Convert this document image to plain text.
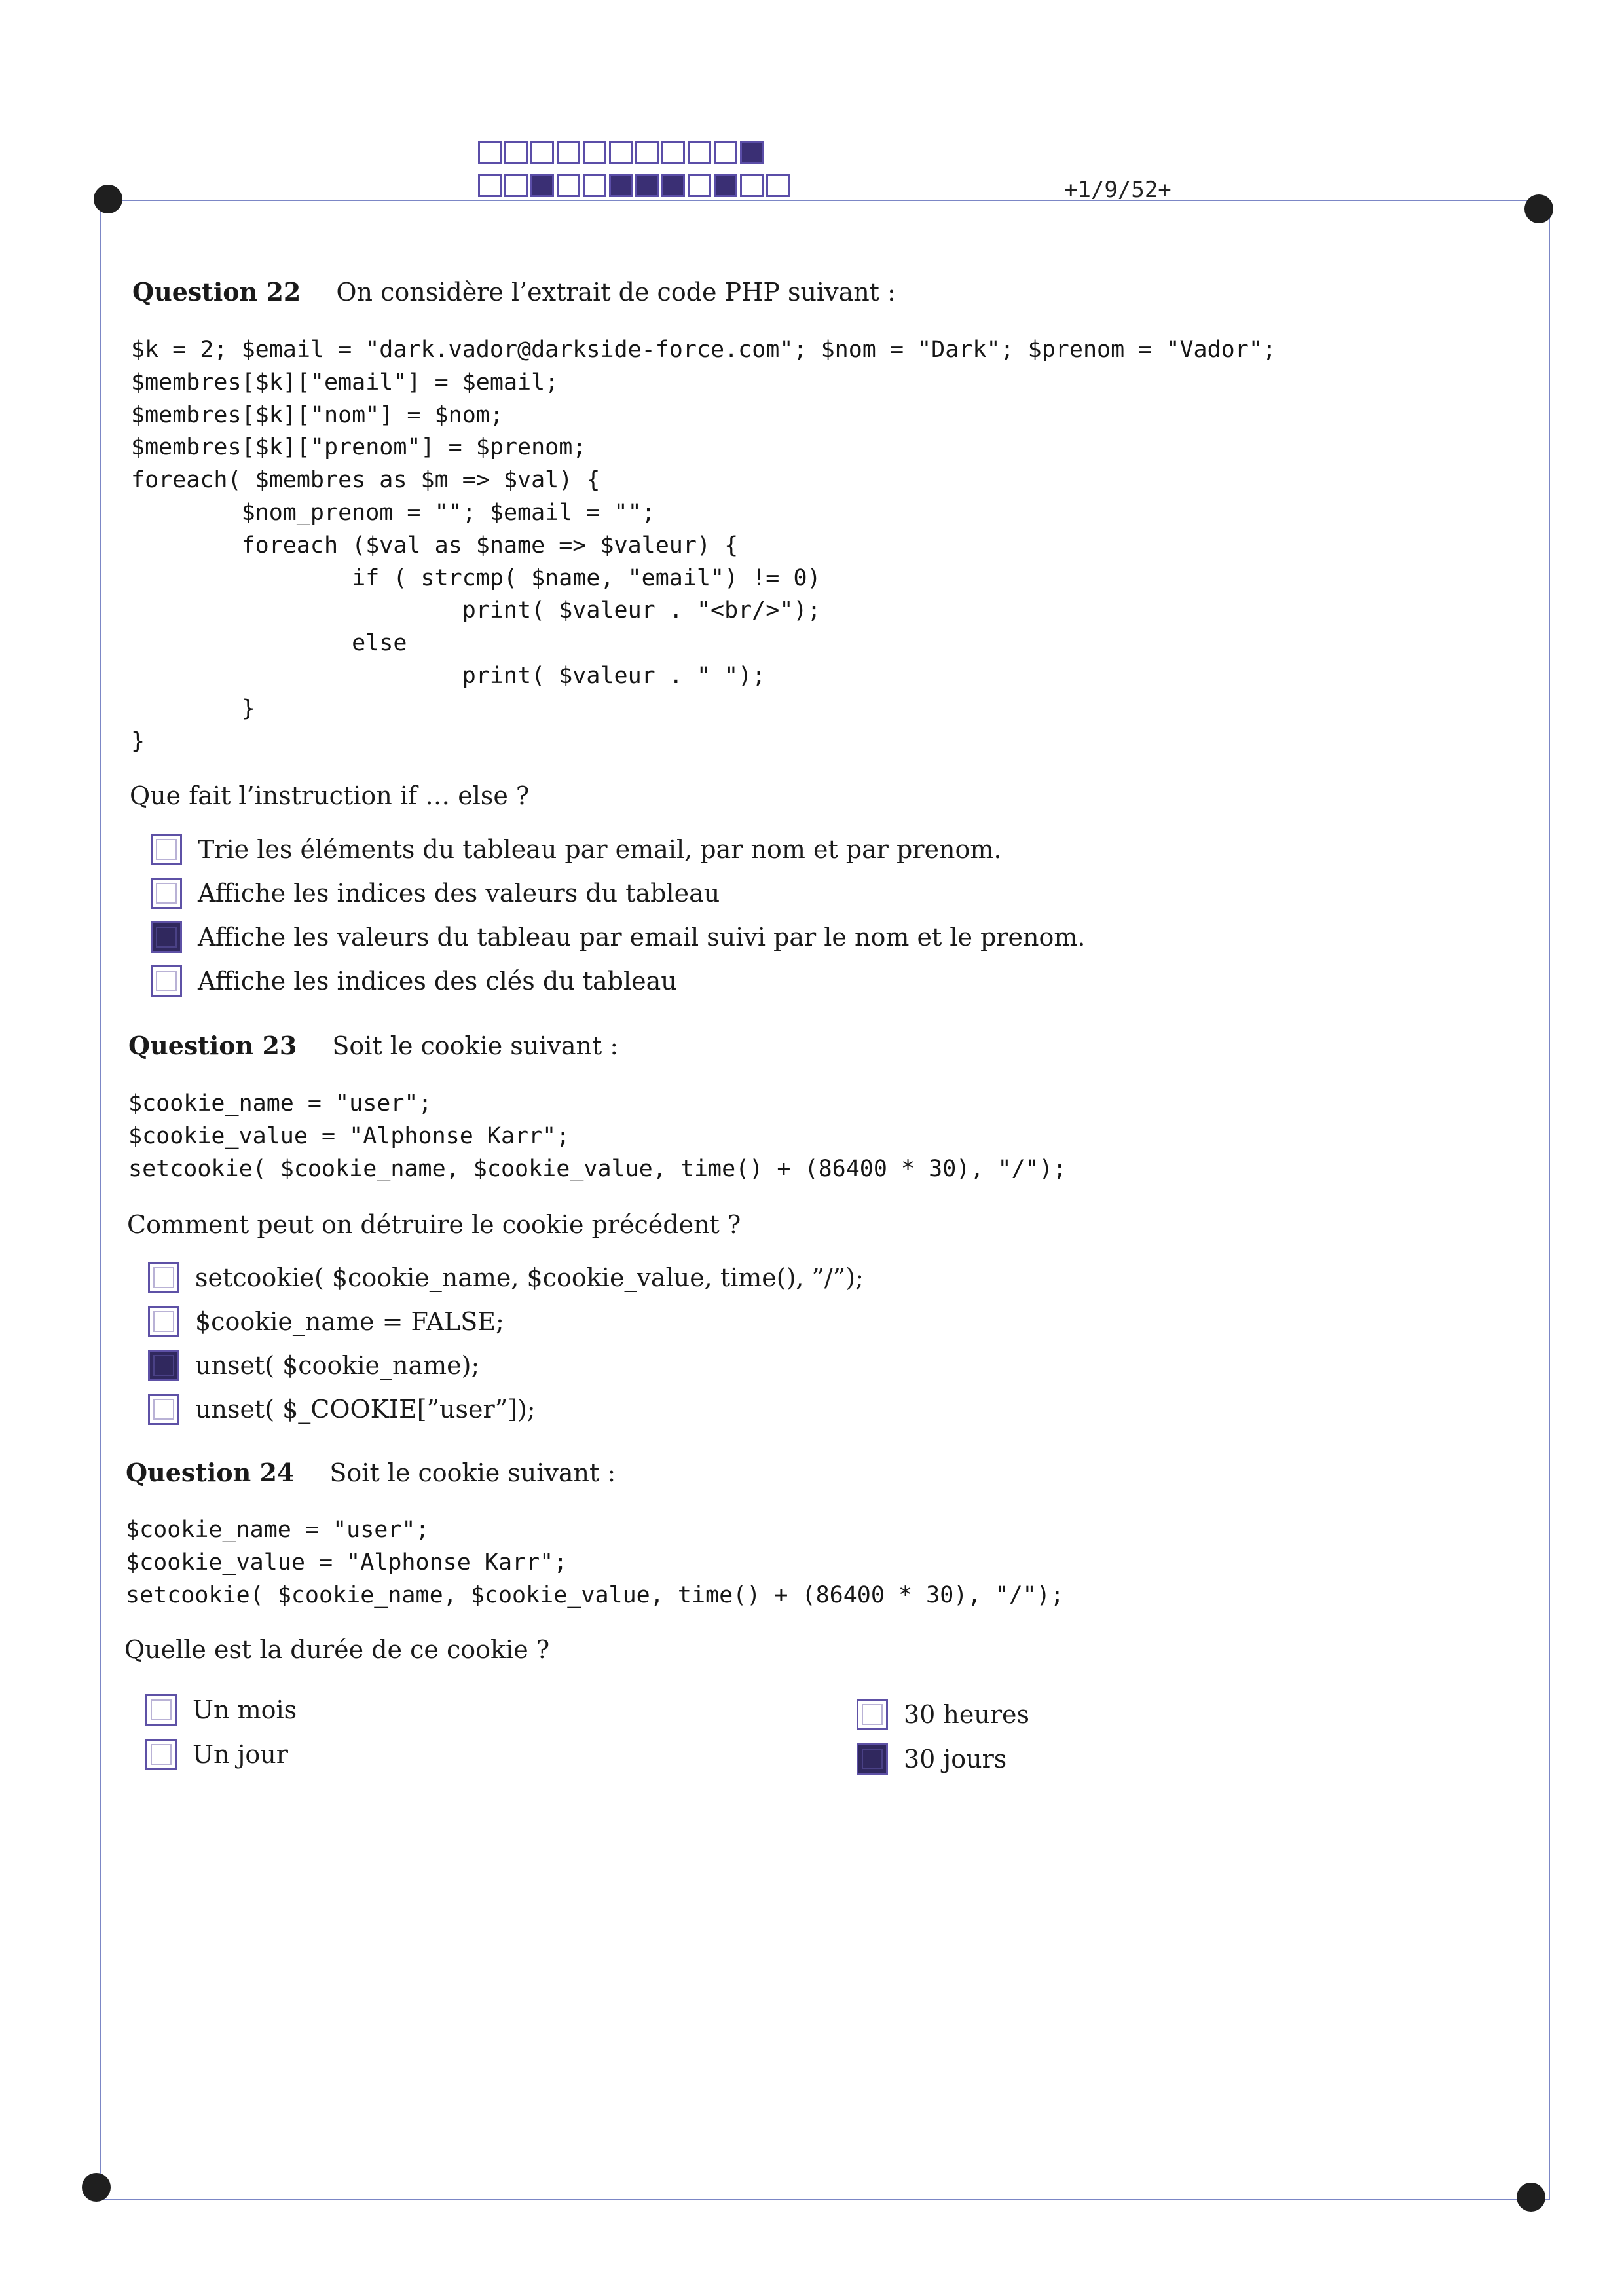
+1/9/52+
Question 22 On considère l’extrait de code PHP suivant :
$k = 2; $email = "dark.vador@darkside-force.com"; $nom = "Dark"; $prenom = "Vador";
$membres[$k]["email"] = $email;
$membres[$k]["nom"] = $nom;
$membres[$k]["prenom"] = $prenom;
foreach( $membres as $m => $val) {
$nom_prenom = ""; $email = "";
foreach ($val as $name => $valeur) {
if ( strcmp( $name, "email") != 0)
print( $valeur . "<br/>");
else
print( $valeur . " ");
}
}
Que fait l’instruction if … else ?
Trie les éléments du tableau par email, par nom et par prenom.
Affiche les indices des valeurs du tableau
Affiche les valeurs du tableau par email suivi par le nom et le prenom.
Affiche les indices des clés du tableau
Question 23 Soit le cookie suivant :
$cookie_name = "user";
$cookie_value = "Alphonse Karr";
setcookie( $cookie_name, $cookie_value, time() + (86400 * 30), "/");
Comment peut on détruire le cookie précédent ?
setcookie( $cookie_name, $cookie_value, time(), ”/”);
$cookie_name = FALSE;
unset( $cookie_name);
unset( $_COOKIE[”user”]);
Question 24 Soit le cookie suivant :
$cookie_name = "user";
$cookie_value = "Alphonse Karr";
setcookie( $cookie_name, $cookie_value, time() + (86400 * 30), "/");
Quelle est la durée de ce cookie ?
Un mois
Un jour
30 heures
30 jours
